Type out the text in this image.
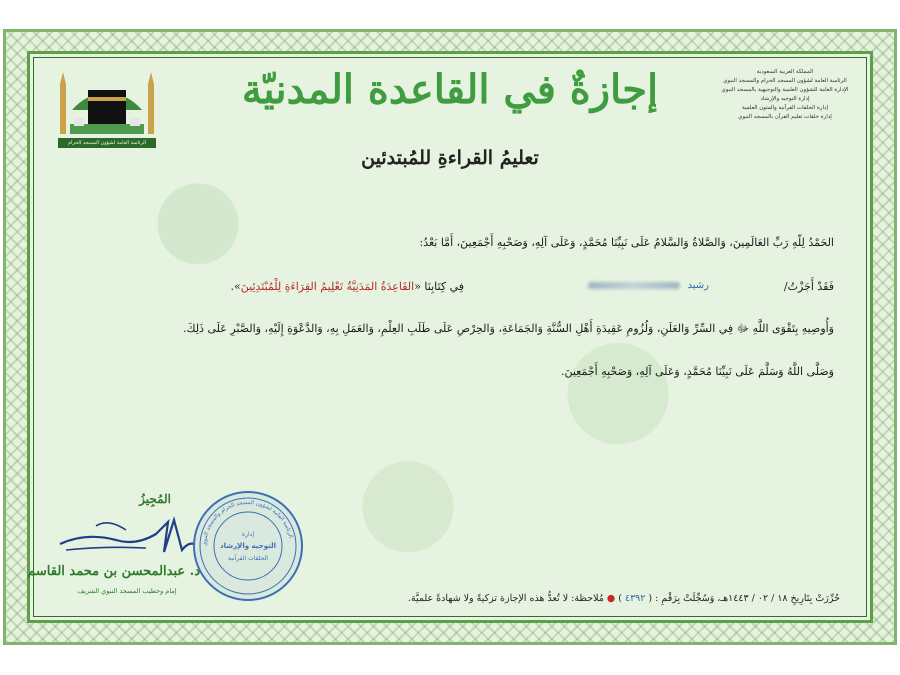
الرئاسة العامة لشؤون المسجد الحرام والمسجد النبوي
المملكة العربية السعودية
الرئاسة العامة لشؤون المسجد الحرام والمسجد النبوي
الإدارة العامة للشؤون العلمية والتوجيهية بالمسجد النبوي
إدارة التوجيه والإرشاد
إدارة الحلقات القرآنية والمتون العلمية
إدارة حلقات تعليم القرآن بالمسجد النبوي
إجازةٌ في القاعدة المدنيّة
تعليمُ القراءةِ للمُبتدئين
الحَمْدُ لِلّهِ رَبِّ العَالَمِينَ، وَالصَّلاةُ وَالسَّلامُ عَلَى نَبِيِّنَا مُحَمَّدٍ، وَعَلَى آلِهِ، وَصَحْبِهِ أَجْمَعِينَ، أَمَّا بَعْدُ:
فَقَدْ أَجَزْتُ/
رشيد
فِي كِتَابِنَا «القَاعِدَةُ المَدَنِيَّةُ تَعْلِيمُ القِرَاءَةِ لِلْمُبْتَدِئِينَ».
وَأُوصِيهِ بِتَقْوَى اللَّهِ ﷻ فِي السِّرِّ وَالعَلَنِ، وَلُزُومِ عَقِيدَةِ أَهْلِ السُّنَّةِ وَالجَمَاعَةِ، وَالحِرْصِ عَلَى طَلَبِ العِلْمِ، وَالعَمَلِ بِهِ، وَالدَّعْوَةِ إِلَيْهِ، وَالصَّبْرِ عَلَى ذَلِكَ.
وَصَلَّى اللَّهُ وَسَلَّمَ عَلَى نَبِيِّنَا مُحَمَّدٍ، وَعَلَى آلِهِ، وَصَحْبِهِ أَجْمَعِينَ.
المُجِيزُ
د. عبدالمحسن بن محمد القاسم
إمام وخطيب المسجد النبوي الشريف
الرئاسة العامة لشؤون المسجد الحرام والمسجد النبوي
إدارة
التوجيه والإرشاد
الحلقات القرآنية
حُرِّرَتْ بِتَارِيخِ ١٨ / ٠٢ / ١٤٤٣هـ، وَسُجِّلَتْ بِرَقْمِ : ( ٤٣٩٢ ) ● مُلاحظة: لا تُعدُّ هذه الإجازة تزكيةً ولا شهادةً علميَّة.
